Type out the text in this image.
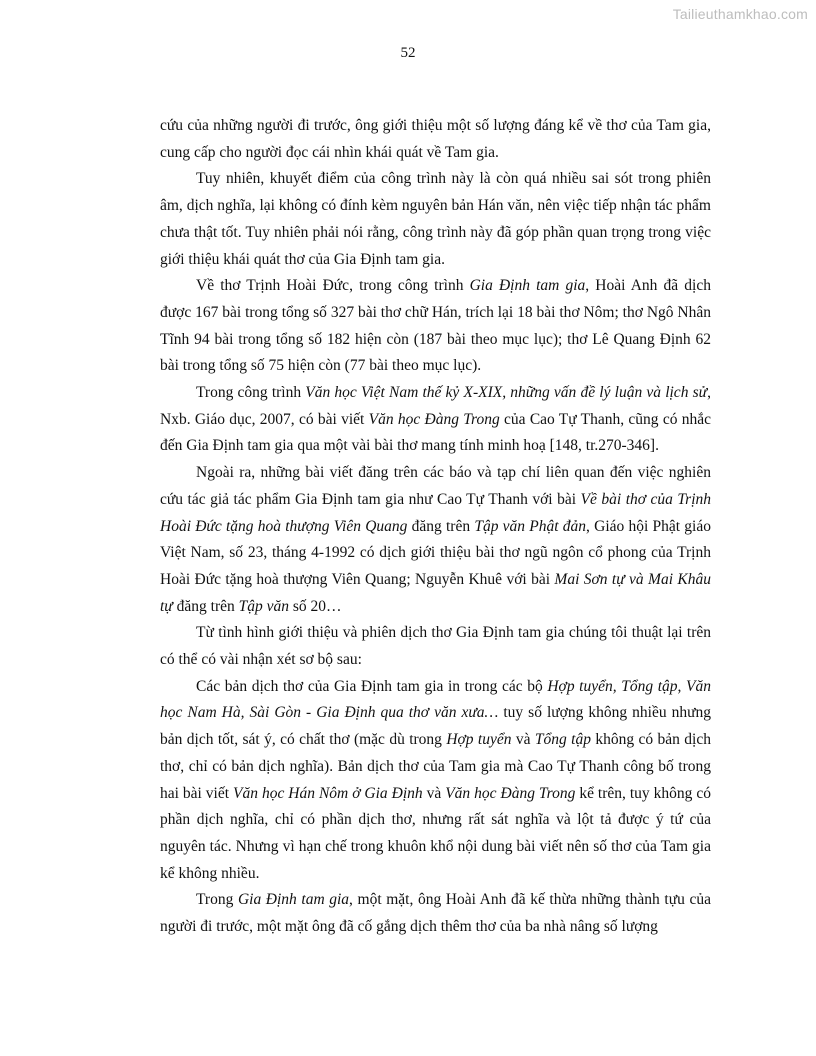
Tailieuthamkhao.com
52

cứu của những người đi trước, ông giới thiệu một số lượng đáng kể về thơ của Tam gia, cung cấp cho người đọc cái nhìn khái quát về Tam gia.

Tuy nhiên, khuyết điểm của công trình này là còn quá nhiều sai sót trong phiên âm, dịch nghĩa, lại không có đính kèm nguyên bản Hán văn, nên việc tiếp nhận tác phẩm chưa thật tốt. Tuy nhiên phải nói rằng, công trình này đã góp phần quan trọng trong việc giới thiệu khái quát thơ của Gia Định tam gia.

Về thơ Trịnh Hoài Đức, trong công trình Gia Định tam gia, Hoài Anh đã dịch được 167 bài trong tổng số 327 bài thơ chữ Hán, trích lại 18 bài thơ Nôm; thơ Ngô Nhân Tĩnh 94 bài trong tổng số 182 hiện còn (187 bài theo mục lục); thơ Lê Quang Định 62 bài trong tổng số 75 hiện còn (77 bài theo mục lục).

Trong công trình Văn học Việt Nam thế kỷ X-XIX, những vấn đề lý luận và lịch sử, Nxb. Giáo dục, 2007, có bài viết Văn học Đàng Trong của Cao Tự Thanh, cũng có nhắc đến Gia Định tam gia qua một vài bài thơ mang tính minh hoạ [148, tr.270-346].

Ngoài ra, những bài viết đăng trên các báo và tạp chí liên quan đến việc nghiên cứu tác giả tác phẩm Gia Định tam gia như Cao Tự Thanh với bài Về bài thơ của Trịnh Hoài Đức tặng hoà thượng Viên Quang đăng trên Tập văn Phật đản, Giáo hội Phật giáo Việt Nam, số 23, tháng 4-1992 có dịch giới thiệu bài thơ ngũ ngôn cổ phong của Trịnh Hoài Đức tặng hoà thượng Viên Quang; Nguyễn Khuê với bài Mai Sơn tự và Mai Khâu tự đăng trên Tập văn số 20…

Từ tình hình giới thiệu và phiên dịch thơ Gia Định tam gia chúng tôi thuật lại trên có thể có vài nhận xét sơ bộ sau:

Các bản dịch thơ của Gia Định tam gia in trong các bộ Hợp tuyển, Tổng tập, Văn học Nam Hà, Sài Gòn - Gia Định qua thơ văn xưa… tuy số lượng không nhiều nhưng bản dịch tốt, sát ý, có chất thơ (mặc dù trong Hợp tuyển và Tổng tập không có bản dịch thơ, chỉ có bản dịch nghĩa). Bản dịch thơ của Tam gia mà Cao Tự Thanh công bố trong hai bài viết Văn học Hán Nôm ở Gia Định và Văn học Đàng Trong kể trên, tuy không có phần dịch nghĩa, chỉ có phần dịch thơ, nhưng rất sát nghĩa và lột tả được ý tứ của nguyên tác. Nhưng vì hạn chế trong khuôn khổ nội dung bài viết nên số thơ của Tam gia kể không nhiều.

Trong Gia Định tam gia, một mặt, ông Hoài Anh đã kế thừa những thành tựu của người đi trước, một mặt ông đã cố gắng dịch thêm thơ của ba nhà nâng số lượng
